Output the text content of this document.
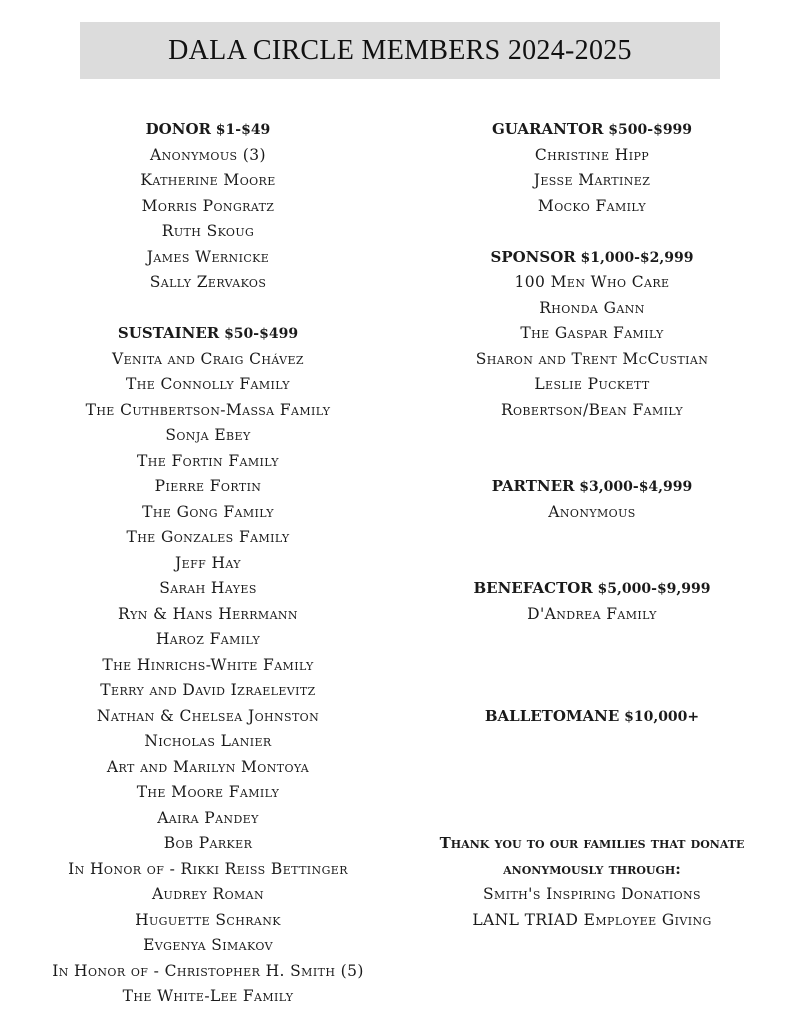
DALA CIRCLE MEMBERS 2024-2025

DONOR $1-$49

Anonymous (3)
Katherine Moore
Morris Pongratz
Ruth Skoug
James Wernicke
Sally Zervakos

SUSTAINER $50-$499

Venita and Craig Chávez
The Connolly Family
The Cuthbertson-Massa Family
Sonja Ebey
The Fortin Family
Pierre Fortin
The Gong Family
The Gonzales Family
Jeff Hay
Sarah Hayes
Ryn & Hans Herrmann
Haroz Family
The Hinrichs-White Family
Terry and David Izraelevitz
Nathan & Chelsea Johnston
Nicholas Lanier
Art and Marilyn Montoya
The Moore Family
Aaira Pandey
Bob Parker
In Honor of - Rikki Reiss Bettinger
Audrey Roman
Huguette Schrank
Evgenya Simakov
In Honor of - Christopher H. Smith (5)
The White-Lee Family

GUARANTOR $500-$999

Christine Hipp
Jesse Martinez
Mocko Family

SPONSOR $1,000-$2,999

100 Men Who Care
Rhonda Gann
The Gaspar Family
Sharon and Trent McCustian
Leslie Puckett
Robertson/Bean Family

PARTNER $3,000-$4,999

Anonymous

BENEFACTOR $5,000-$9,999

D'Andrea Family

BALLETOMANE $10,000+

Thank you to our families that donate

anonymously through:

Smith's Inspiring Donations
LANL TRIAD Employee Giving
